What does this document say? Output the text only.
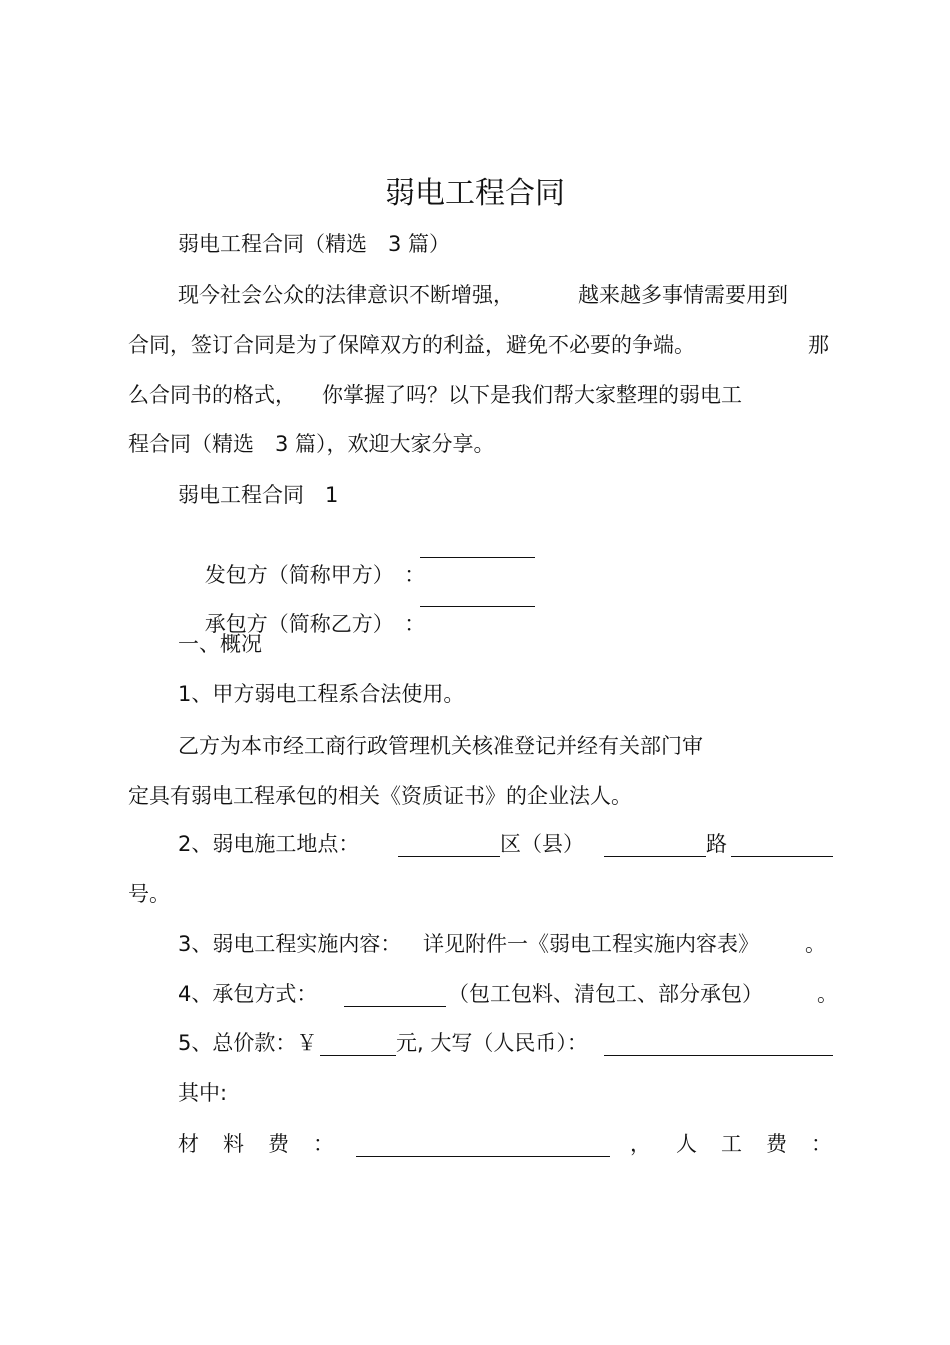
弱电工程合同
弱电工程合同（精选　3 篇）
现今社会公众的法律意识不断增强，	越来越多事情需要用到
合同，签订合同是为了保障双方的利益，避免不必要的争端。	那
么合同书的格式， 你掌握了吗？以下是我们帮大家整理的弱电工
程合同（精选　3 篇），欢迎大家分享。
弱电工程合同　1

发包方（简称甲方）　：

承包方（简称乙方）　：

一、概况
1、甲方弱电工程系合法使用。
乙方为本市经工商行政管理机关核准登记并经有关部门审
定具有弱电工程承包的相关《资质证书》的企业法人。
2、弱电施工地点：	区（县）	路
号。
3、弱电工程实施内容： 详见附件一《弱电工程实施内容表》 。
4、承包方式：	（包工包料、清包工、部分承包）	。
5、总价款：￥	元, 大写（人民币）：
其中:
材料费：	， 人工费：
